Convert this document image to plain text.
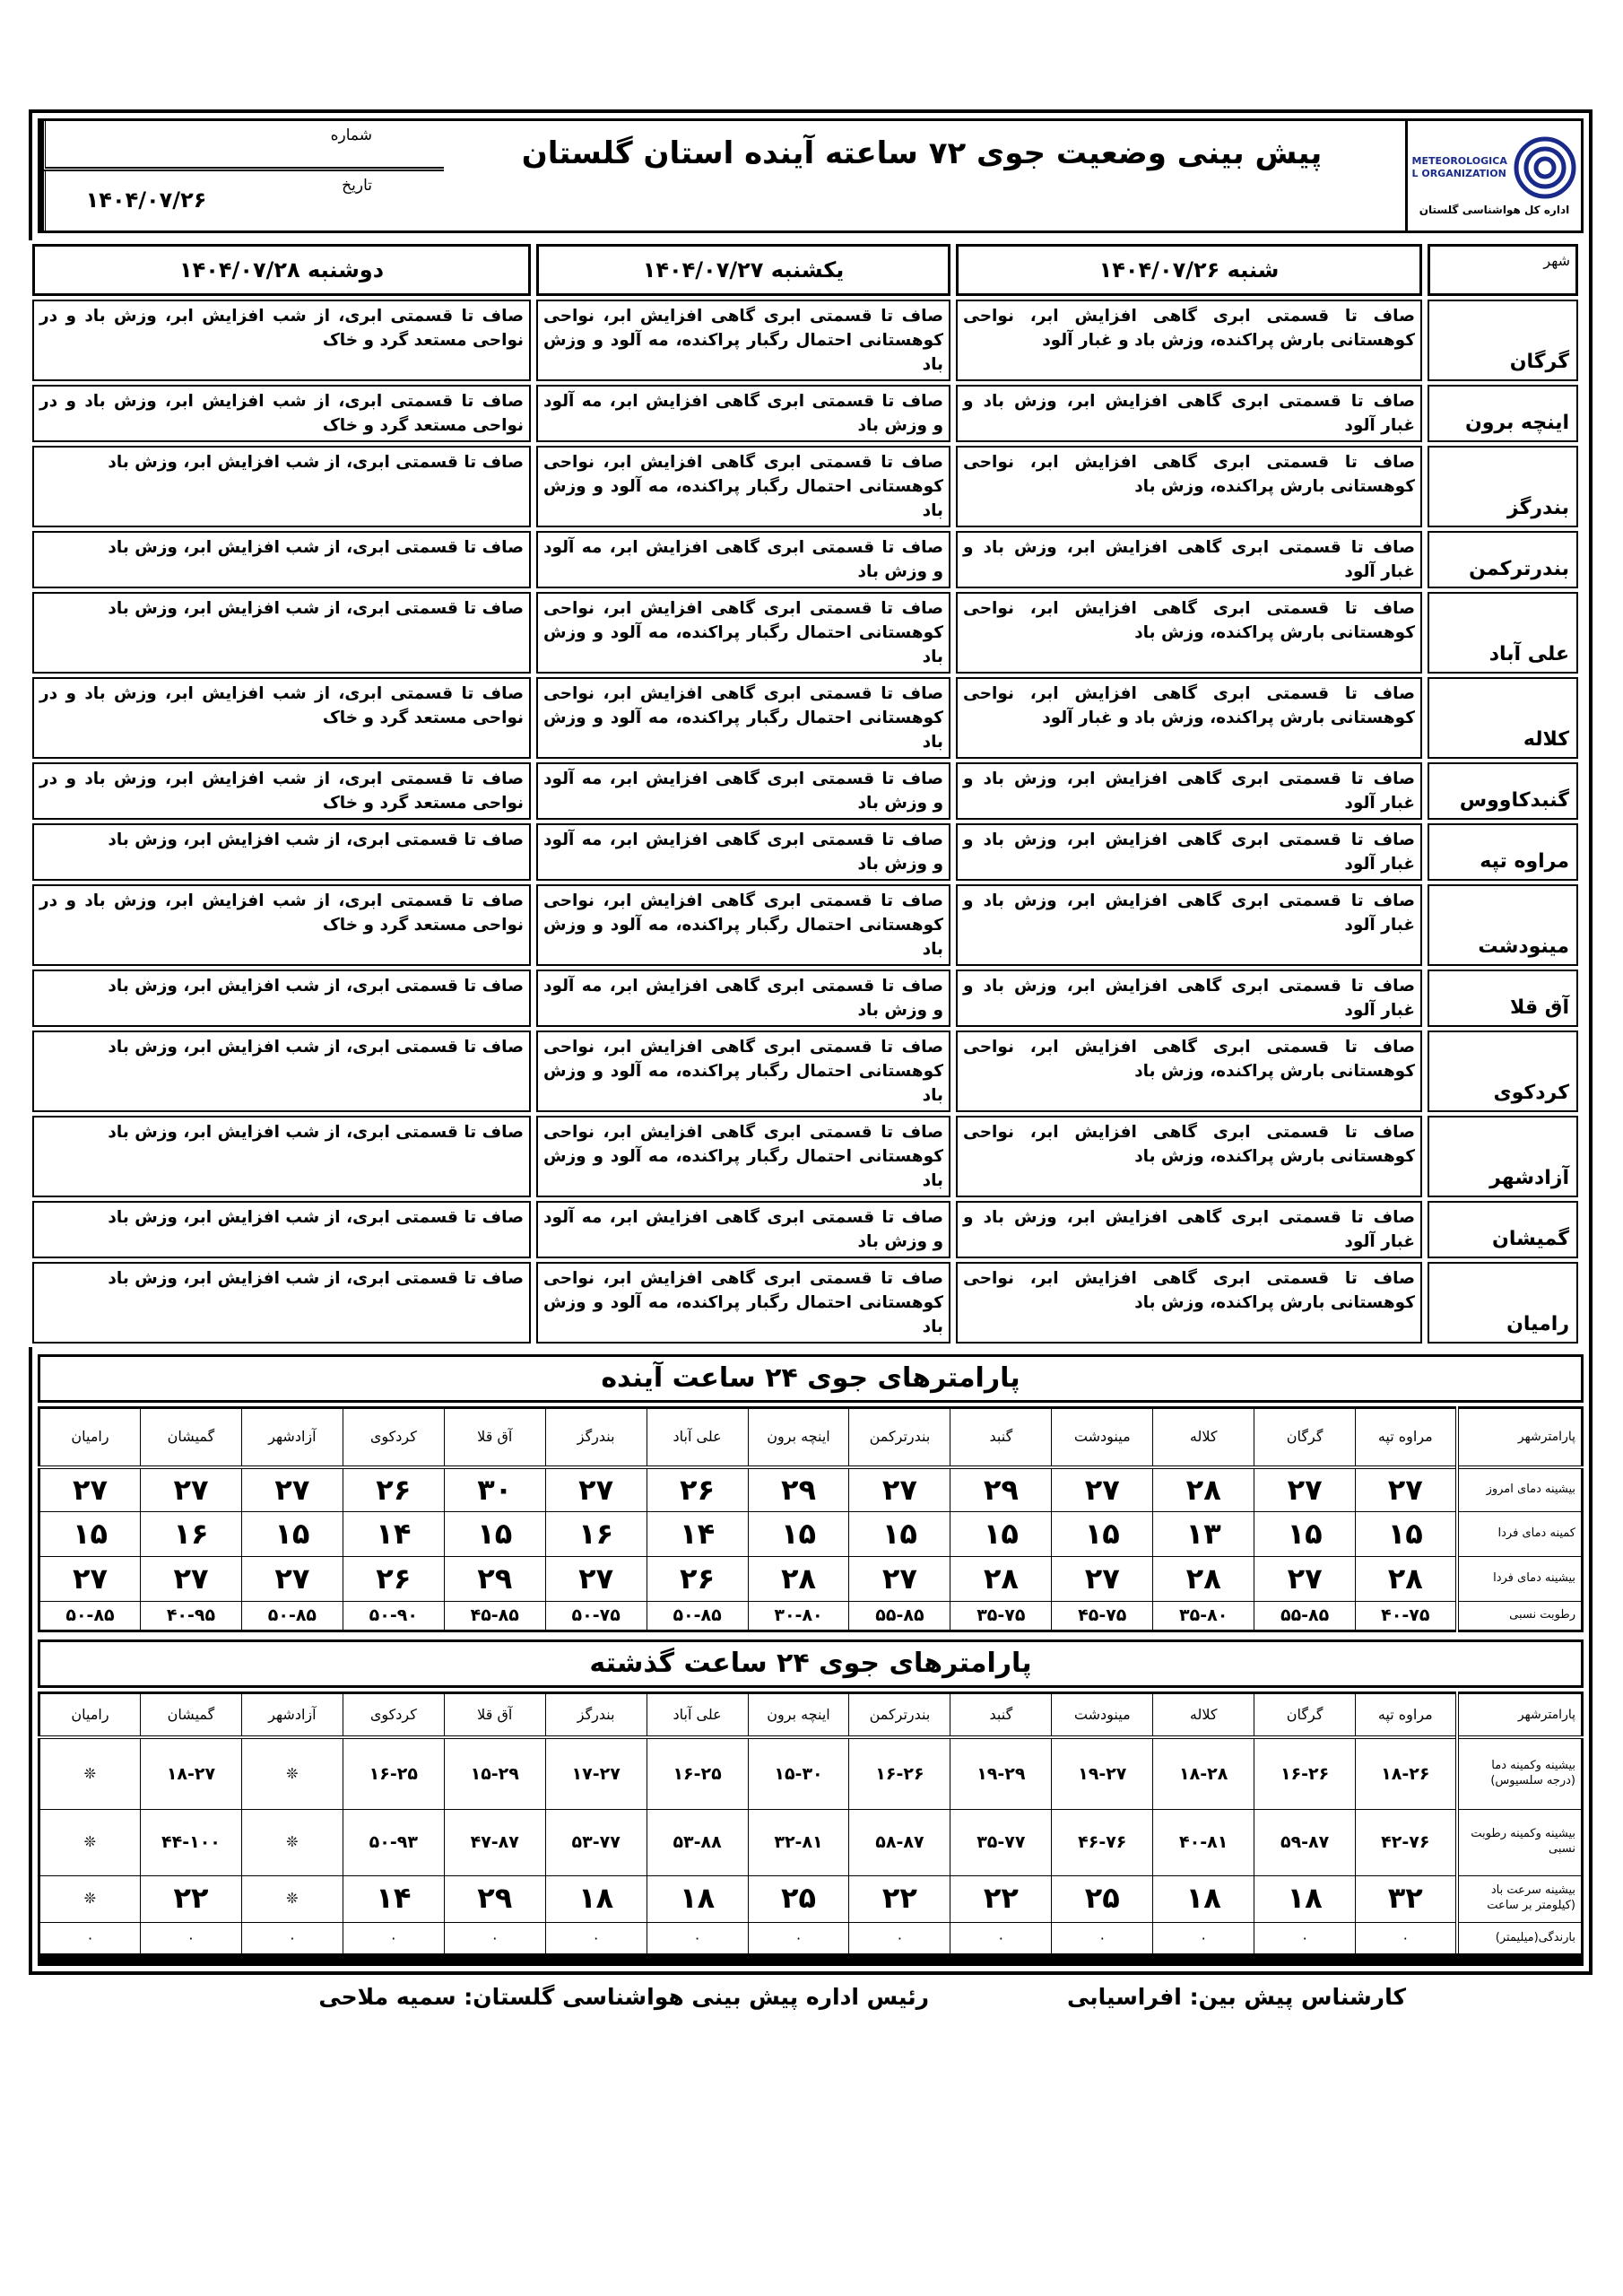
METEOROLOGICAL ORGANIZATION
اداره کل هواشناسی گلستان
پیش بینی وضعیت جوی ۷۲ ساعته آینده استان گلستان
شماره
تاریخ
۱۴۰۴/۰۷/۲۶
شهر	شنبه ۱۴۰۴/۰۷/۲۶	یکشنبه ۱۴۰۴/۰۷/۲۷	دوشنبه ۱۴۰۴/۰۷/۲۸
گرگان	صاف تا قسمتی ابری گاهی افزایش ابر، نواحی کوهستانی بارش پراکنده، وزش باد و غبار آلود	صاف تا قسمتی ابری گاهی افزایش ابر، نواحی کوهستانی احتمال رگبار پراکنده، مه آلود و وزش باد	صاف تا قسمتی ابری، از شب افزایش ابر، وزش باد و در نواحی مستعد گرد و خاک
اینچه برون	صاف تا قسمتی ابری گاهی افزایش ابر، وزش باد و غبار آلود	صاف تا قسمتی ابری گاهی افزایش ابر، مه آلود و وزش باد	صاف تا قسمتی ابری، از شب افزایش ابر، وزش باد و در نواحی مستعد گرد و خاک
بندرگز	صاف تا قسمتی ابری گاهی افزایش ابر، نواحی کوهستانی بارش پراکنده، وزش باد	صاف تا قسمتی ابری گاهی افزایش ابر، نواحی کوهستانی احتمال رگبار پراکنده، مه آلود و وزش باد	صاف تا قسمتی ابری، از شب افزایش ابر، وزش باد
بندرترکمن	صاف تا قسمتی ابری گاهی افزایش ابر، وزش باد و غبار آلود	صاف تا قسمتی ابری گاهی افزایش ابر، مه آلود و وزش باد	صاف تا قسمتی ابری، از شب افزایش ابر، وزش باد
علی آباد	صاف تا قسمتی ابری گاهی افزایش ابر، نواحی کوهستانی بارش پراکنده، وزش باد	صاف تا قسمتی ابری گاهی افزایش ابر، نواحی کوهستانی احتمال رگبار پراکنده، مه آلود و وزش باد	صاف تا قسمتی ابری، از شب افزایش ابر، وزش باد
کلاله	صاف تا قسمتی ابری گاهی افزایش ابر، نواحی کوهستانی بارش پراکنده، وزش باد و غبار آلود	صاف تا قسمتی ابری گاهی افزایش ابر، نواحی کوهستانی احتمال رگبار پراکنده، مه آلود و وزش باد	صاف تا قسمتی ابری، از شب افزایش ابر، وزش باد و در نواحی مستعد گرد و خاک
گنبدکاووس	صاف تا قسمتی ابری گاهی افزایش ابر، وزش باد و غبار آلود	صاف تا قسمتی ابری گاهی افزایش ابر، مه آلود و وزش باد	صاف تا قسمتی ابری، از شب افزایش ابر، وزش باد و در نواحی مستعد گرد و خاک
مراوه تپه	صاف تا قسمتی ابری گاهی افزایش ابر، وزش باد و غبار آلود	صاف تا قسمتی ابری گاهی افزایش ابر، مه آلود و وزش باد	صاف تا قسمتی ابری، از شب افزایش ابر، وزش باد
مینودشت	صاف تا قسمتی ابری گاهی افزایش ابر، وزش باد و غبار آلود	صاف تا قسمتی ابری گاهی افزایش ابر، نواحی کوهستانی احتمال رگبار پراکنده، مه آلود و وزش باد	صاف تا قسمتی ابری، از شب افزایش ابر، وزش باد و در نواحی مستعد گرد و خاک
آق قلا	صاف تا قسمتی ابری گاهی افزایش ابر، وزش باد و غبار آلود	صاف تا قسمتی ابری گاهی افزایش ابر، مه آلود و وزش باد	صاف تا قسمتی ابری، از شب افزایش ابر، وزش باد
کردکوی	صاف تا قسمتی ابری گاهی افزایش ابر، نواحی کوهستانی بارش پراکنده، وزش باد	صاف تا قسمتی ابری گاهی افزایش ابر، نواحی کوهستانی احتمال رگبار پراکنده، مه آلود و وزش باد	صاف تا قسمتی ابری، از شب افزایش ابر، وزش باد
آزادشهر	صاف تا قسمتی ابری گاهی افزایش ابر، نواحی کوهستانی بارش پراکنده، وزش باد	صاف تا قسمتی ابری گاهی افزایش ابر، نواحی کوهستانی احتمال رگبار پراکنده، مه آلود و وزش باد	صاف تا قسمتی ابری، از شب افزایش ابر، وزش باد
گمیشان	صاف تا قسمتی ابری گاهی افزایش ابر، وزش باد و غبار آلود	صاف تا قسمتی ابری گاهی افزایش ابر، مه آلود و وزش باد	صاف تا قسمتی ابری، از شب افزایش ابر، وزش باد
رامیان	صاف تا قسمتی ابری گاهی افزایش ابر، نواحی کوهستانی بارش پراکنده، وزش باد	صاف تا قسمتی ابری گاهی افزایش ابر، نواحی کوهستانی احتمال رگبار پراکنده، مه آلود و وزش باد	صاف تا قسمتی ابری، از شب افزایش ابر، وزش باد
پارامترهای جوی ۲۴ ساعت آینده
پارامترشهر	مراوه تپه	گرگان	کلاله	مینودشت	گنبد	بندرترکمن	اینچه برون	علی آباد	بندرگز	آق قلا	کردکوی	آزادشهر	گمیشان	رامیان
بیشینه دمای امروز	۲۷	۲۷	۲۸	۲۷	۲۹	۲۷	۲۹	۲۶	۲۷	۳۰	۲۶	۲۷	۲۷	۲۷
کمینه دمای فردا	۱۵	۱۵	۱۳	۱۵	۱۵	۱۵	۱۵	۱۴	۱۶	۱۵	۱۴	۱۵	۱۶	۱۵
بیشینه دمای فردا	۲۸	۲۷	۲۸	۲۷	۲۸	۲۷	۲۸	۲۶	۲۷	۲۹	۲۶	۲۷	۲۷	۲۷
رطوبت نسبی	۴۰-۷۵	۵۵-۸۵	۳۵-۸۰	۴۵-۷۵	۳۵-۷۵	۵۵-۸۵	۳۰-۸۰	۵۰-۸۵	۵۰-۷۵	۴۵-۸۵	۵۰-۹۰	۵۰-۸۵	۴۰-۹۵	۵۰-۸۵
پارامترهای جوی ۲۴ ساعت گذشته
پارامترشهر	مراوه تپه	گرگان	کلاله	مینودشت	گنبد	بندرترکمن	اینچه برون	علی آباد	بندرگز	آق قلا	کردکوی	آزادشهر	گمیشان	رامیان
بیشینه وکمینه دما (درجه سلسیوس)	۱۸-۲۶	۱۶-۲۶	۱۸-۲۸	۱۹-۲۷	۱۹-۲۹	۱۶-۲۶	۱۵-۳۰	۱۶-۲۵	۱۷-۲۷	۱۵-۲۹	۱۶-۲۵	❊	۱۸-۲۷	❊
بیشینه وکمینه رطوبت نسبی	۴۲-۷۶	۵۹-۸۷	۴۰-۸۱	۴۶-۷۶	۳۵-۷۷	۵۸-۸۷	۳۲-۸۱	۵۳-۸۸	۵۳-۷۷	۴۷-۸۷	۵۰-۹۳	❊	۴۴-۱۰۰	❊
بیشینه سرعت باد (کیلومتر بر ساعت	۳۲	۱۸	۱۸	۲۵	۲۲	۲۲	۲۵	۱۸	۱۸	۲۹	۱۴	❊	۲۲	❊
بارندگی(میلیمتر)	۰	۰	۰	۰	۰	۰	۰	۰	۰	۰	۰	۰	۰	۰
کارشناس پیش بین: افراسیابی
رئیس اداره پیش بینی هواشناسی گلستان: سمیه ملاحی
